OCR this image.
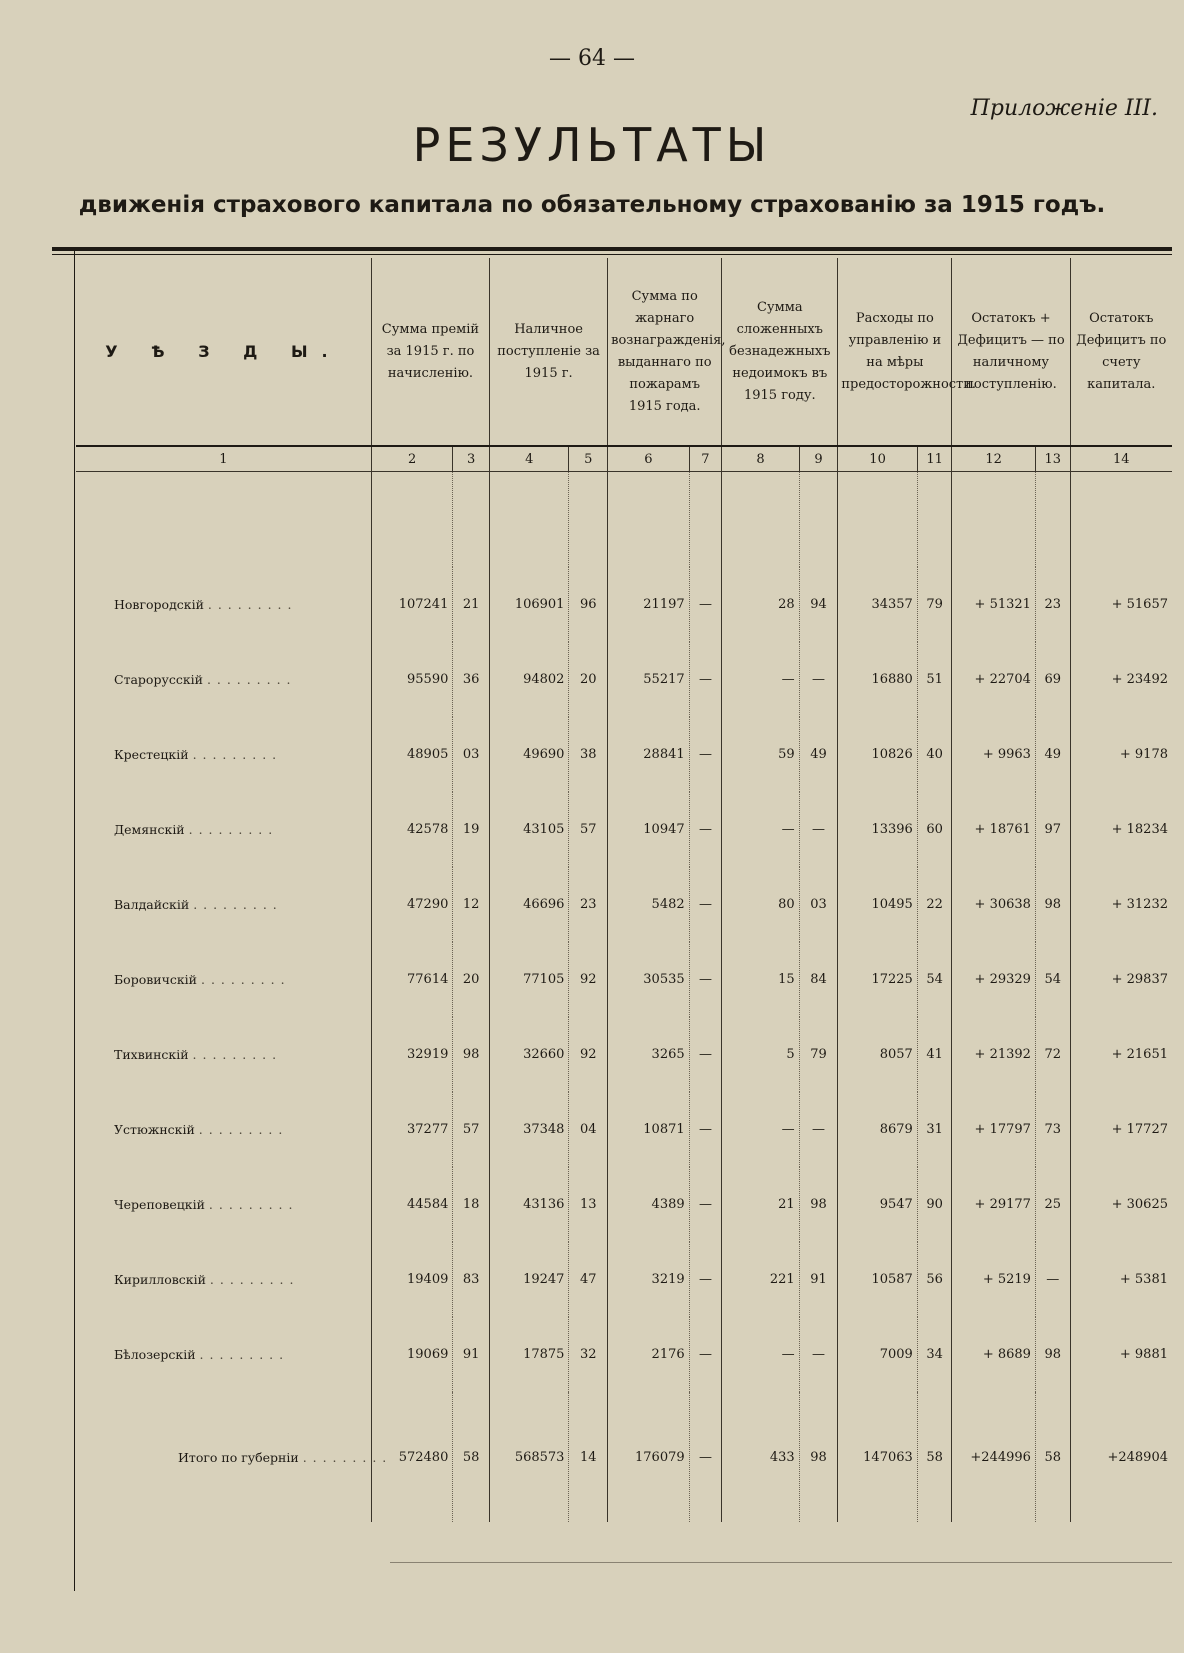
— 64 —
Приложеніе III.
РЕЗУЛЬТАТЫ
движенія страхового капитала по обязательному страхованію за 1915 годъ.
У Ѣ З Д Ы.	Сумма премій за 1915 г. по начисленію.		Наличное поступленіе за 1915 г.		Сумма по жарнаго вознагражденія, выданнаго по пожарамъ 1915 года.		Сумма сложенныхъ безнадежныхъ недоимокъ въ 1915 году.		Расходы по управленію и на мѣры предосторожности.		Остатокъ + Дефицитъ — по наличному поступленію.		Остатокъ Дефицитъ по счету капитала.
1	2	3	4	5	6	7	8	9	10	11	12	13	14

Новгородскій . . . . . . . . .	107241	21	106901	96	21197	—	28	94	34357	79	+ 51321	23	+ 51657
Старорусскій . . . . . . . . .	95590	36	94802	20	55217	—	—	—	16880	51	+ 22704	69	+ 23492
Крестецкій . . . . . . . . .	48905	03	49690	38	28841	—	59	49	10826	40	+ 9963	49	+ 9178
Демянскій . . . . . . . . .	42578	19	43105	57	10947	—	—	—	13396	60	+ 18761	97	+ 18234
Валдайскій . . . . . . . . .	47290	12	46696	23	5482	—	80	03	10495	22	+ 30638	98	+ 31232
Боровичскій . . . . . . . . .	77614	20	77105	92	30535	—	15	84	17225	54	+ 29329	54	+ 29837
Тихвинскій . . . . . . . . .	32919	98	32660	92	3265	—	5	79	8057	41	+ 21392	72	+ 21651
Устюжнскій . . . . . . . . .	37277	57	37348	04	10871	—	—	—	8679	31	+ 17797	73	+ 17727
Череповецкій . . . . . . . . .	44584	18	43136	13	4389	—	21	98	9547	90	+ 29177	25	+ 30625
Кирилловскій . . . . . . . . .	19409	83	19247	47	3219	—	221	91	10587	56	+ 5219	—	+ 5381
Бѣлозерскій . . . . . . . . .	19069	91	17875	32	2176	—	—	—	7009	34	+ 8689	98	+ 9881
Итого по губерніи . . . . . . . . .	572480	58	568573	14	176079	—	433	98	147063	58	+244996	58	+248904
